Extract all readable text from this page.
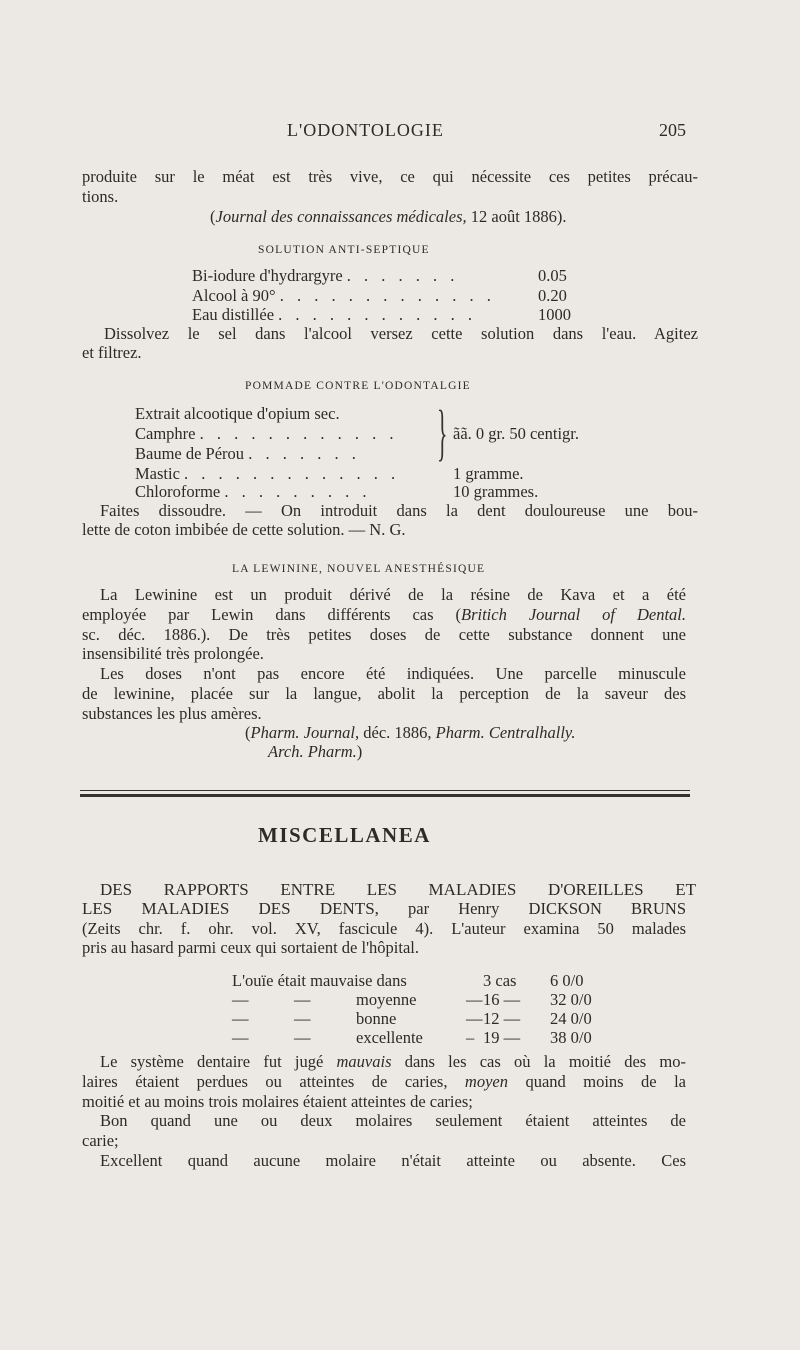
L'ODONTOLOGIE	205
produite sur le méat est très vive, ce qui nécessite ces petites précau-
tions.
(Journal des connaissances médicales, 12 août 1886).
SOLUTION ANTI-SEPTIQUE
Bi-iodure d'hydrargyre . . . . . . .	0.05
Alcool à 90° . . . . . . . . . . . . .	0.20
Eau distillée . . . . . . . . . . . .	1000
Dissolvez le sel dans l'alcool versez cette solution dans l'eau. Agitez
et filtrez.
POMMADE CONTRE L'ODONTALGIE
Extrait alcootique d'opium sec.
Camphre . . . . . . . . . . . .
Baume de Pérou . . . . . . . } ãã. 0 gr. 50 centigr.
Mastic . . . . . . . . . . . . .	1 gramme.
Chloroforme . . . . . . . . .	10 grammes.
Faites dissoudre. — On introduit dans la dent douloureuse une bou-
lette de coton imbibée de cette solution. — N. G.
LA LEWININE, NOUVEL ANESTHÉSIQUE
La Lewinine est un produit dérivé de la résine de Kava et a été
employée par Lewin dans différents cas (Britich Journal of Dental.
sc. déc. 1886.). De très petites doses de cette substance donnent une
insensibilité très prolongée.
Les doses n'ont pas encore été indiquées. Une parcelle minuscule
de lewinine, placée sur la langue, abolit la perception de la saveur des
substances les plus amères.
(Pharm. Journal, déc. 1886, Pharm. Centralhally.
Arch. Pharm.)
MISCELLANEA
DES RAPPORTS ENTRE LES MALADIES D'OREILLES ET
LES MALADIES DES DENTS, par Henry DICKSON BRUNS
(Zeits chr. f. ohr. vol. XV, fascicule 4). L'auteur examina 50 malades
pris au hasard parmi ceux qui sortaient de l'hôpital.
L'ouïe était mauvaise dans	3 cas 6 0/0
—	—	moyenne	— 16 — 32 0/0
—	—	bonne	— 12 — 24 0/0
—	—	excellente	– 19 — 38 0/0
Le système dentaire fut jugé mauvais dans les cas où la moitié des mo-
laires étaient perdues ou atteintes de caries, moyen quand moins de la
moitié et au moins trois molaires étaient atteintes de caries;
Bon quand une ou deux molaires seulement étaient atteintes de
carie;
Excellent quand aucune molaire n'était atteinte ou absente. Ces
